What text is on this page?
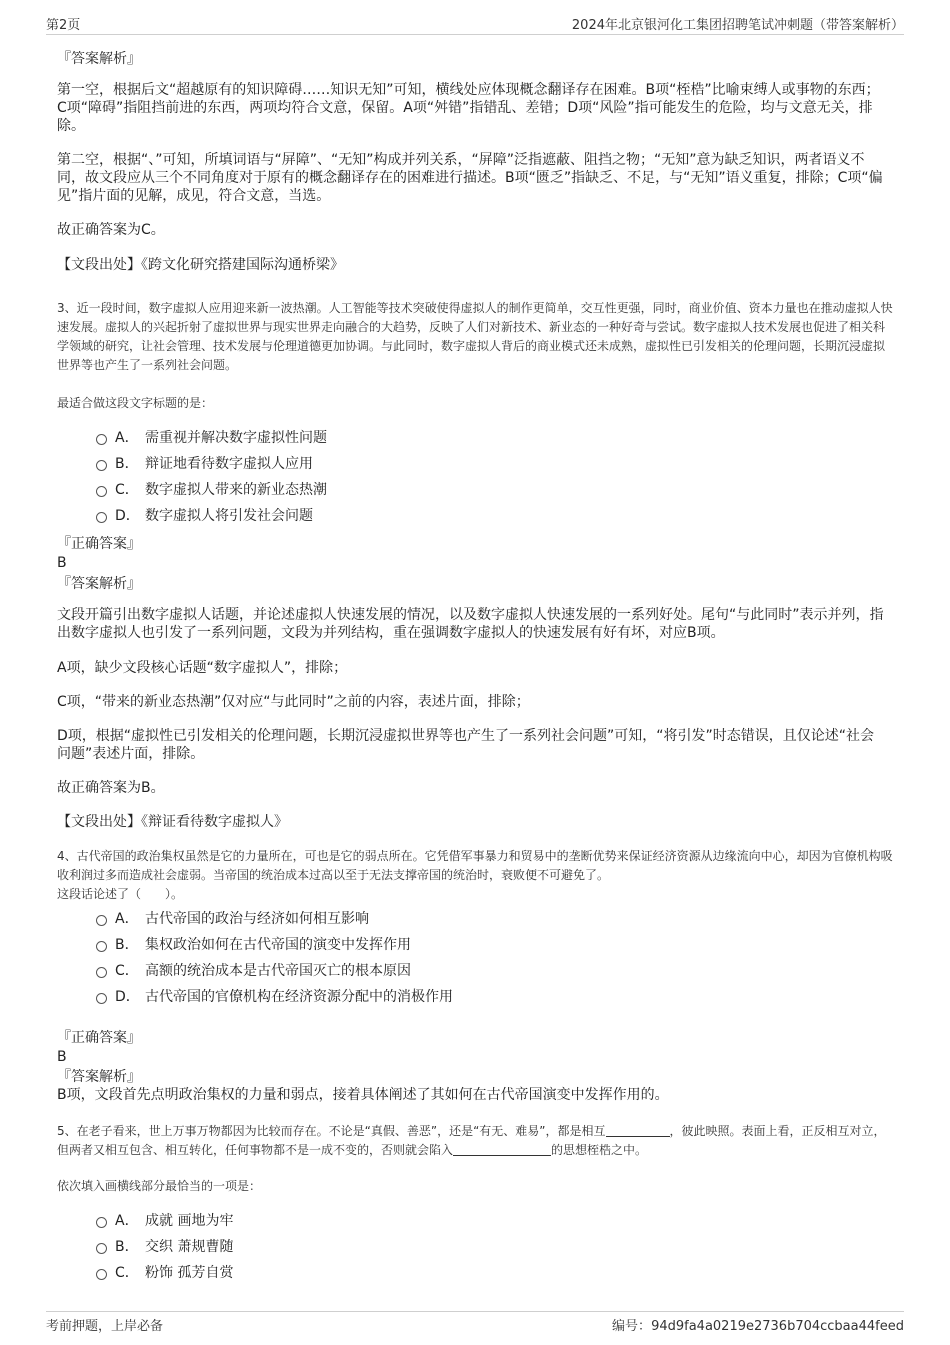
第2页	2024年北京银河化工集团招聘笔试冲刺题（带答案解析）
『答案解析』
第一空，根据后文“超越原有的知识障碍……知识无知”可知，横线处应体现概念翻译存在困难。B项“桎梏”比喻束缚人或事物的东西；C项“障碍”指阻挡前进的东西，两项均符合文意，保留。A项“舛错”指错乱、差错；D项“风险”指可能发生的危险，均与文意无关，排除。
第二空，根据“、”可知，所填词语与“屏障”、“无知”构成并列关系，“屏障”泛指遮蔽、阻挡之物；“无知”意为缺乏知识，两者语义不同，故文段应从三个不同角度对于原有的概念翻译存在的困难进行描述。B项“匮乏”指缺乏、不足，与“无知”语义重复，排除；C项“偏见”指片面的见解，成见，符合文意，当选。
故正确答案为C。
【文段出处】《跨文化研究搭建国际沟通桥梁》
3、近一段时间，数字虚拟人应用迎来新一波热潮。人工智能等技术突破使得虚拟人的制作更简单，交互性更强，同时，商业价值、资本力量也在推动虚拟人快速发展。虚拟人的兴起折射了虚拟世界与现实世界走向融合的大趋势，反映了人们对新技术、新业态的一种好奇与尝试。数字虚拟人技术发展也促进了相关科学领域的研究，让社会管理、技术发展与伦理道德更加协调。与此同时，数字虚拟人背后的商业模式还未成熟，虚拟性已引发相关的伦理问题，长期沉浸虚拟世界等也产生了一系列社会问题。
最适合做这段文字标题的是：
A． 需重视并解决数字虚拟性问题
B． 辩证地看待数字虚拟人应用
C． 数字虚拟人带来的新业态热潮
D． 数字虚拟人将引发社会问题
『正确答案』
B
『答案解析』
文段开篇引出数字虚拟人话题，并论述虚拟人快速发展的情况，以及数字虚拟人快速发展的一系列好处。尾句“与此同时”表示并列，指出数字虚拟人也引发了一系列问题，文段为并列结构，重在强调数字虚拟人的快速发展有好有坏，对应B项。
A项，缺少文段核心话题“数字虚拟人”，排除；
C项，“带来的新业态热潮”仅对应“与此同时”之前的内容，表述片面，排除；
D项，根据“虚拟性已引发相关的伦理问题，长期沉浸虚拟世界等也产生了一系列社会问题”可知，“将引发”时态错误，且仅论述“社会问题”表述片面，排除。
故正确答案为B。
【文段出处】《辩证看待数字虚拟人》
4、古代帝国的政治集权虽然是它的力量所在，可也是它的弱点所在。它凭借军事暴力和贸易中的垄断优势来保证经济资源从边缘流向中心，却因为官僚机构吸收利润过多而造成社会虚弱。当帝国的统治成本过高以至于无法支撑帝国的统治时，衰败便不可避免了。
这段话论述了（　　）。
A． 古代帝国的政治与经济如何相互影响
B． 集权政治如何在古代帝国的演变中发挥作用
C． 高额的统治成本是古代帝国灭亡的根本原因
D． 古代帝国的官僚机构在经济资源分配中的消极作用
『正确答案』
B
『答案解析』
B项，文段首先点明政治集权的力量和弱点，接着具体阐述了其如何在古代帝国演变中发挥作用的。
5、在老子看来，世上万事万物都因为比较而存在。不论是“真假、善恶”，还是“有无、难易”，都是相互	，彼此映照。表面上看，正反相互对立，但两者又相互包含、相互转化，任何事物都不是一成不变的，否则就会陷入	的思想桎梏之中。
依次填入画横线部分最恰当的一项是：
A． 成就 画地为牢
B． 交织 萧规曹随
C． 粉饰 孤芳自赏
考前押题，上岸必备	编号：94d9fa4a0219e2736b704ccbaa44feed
